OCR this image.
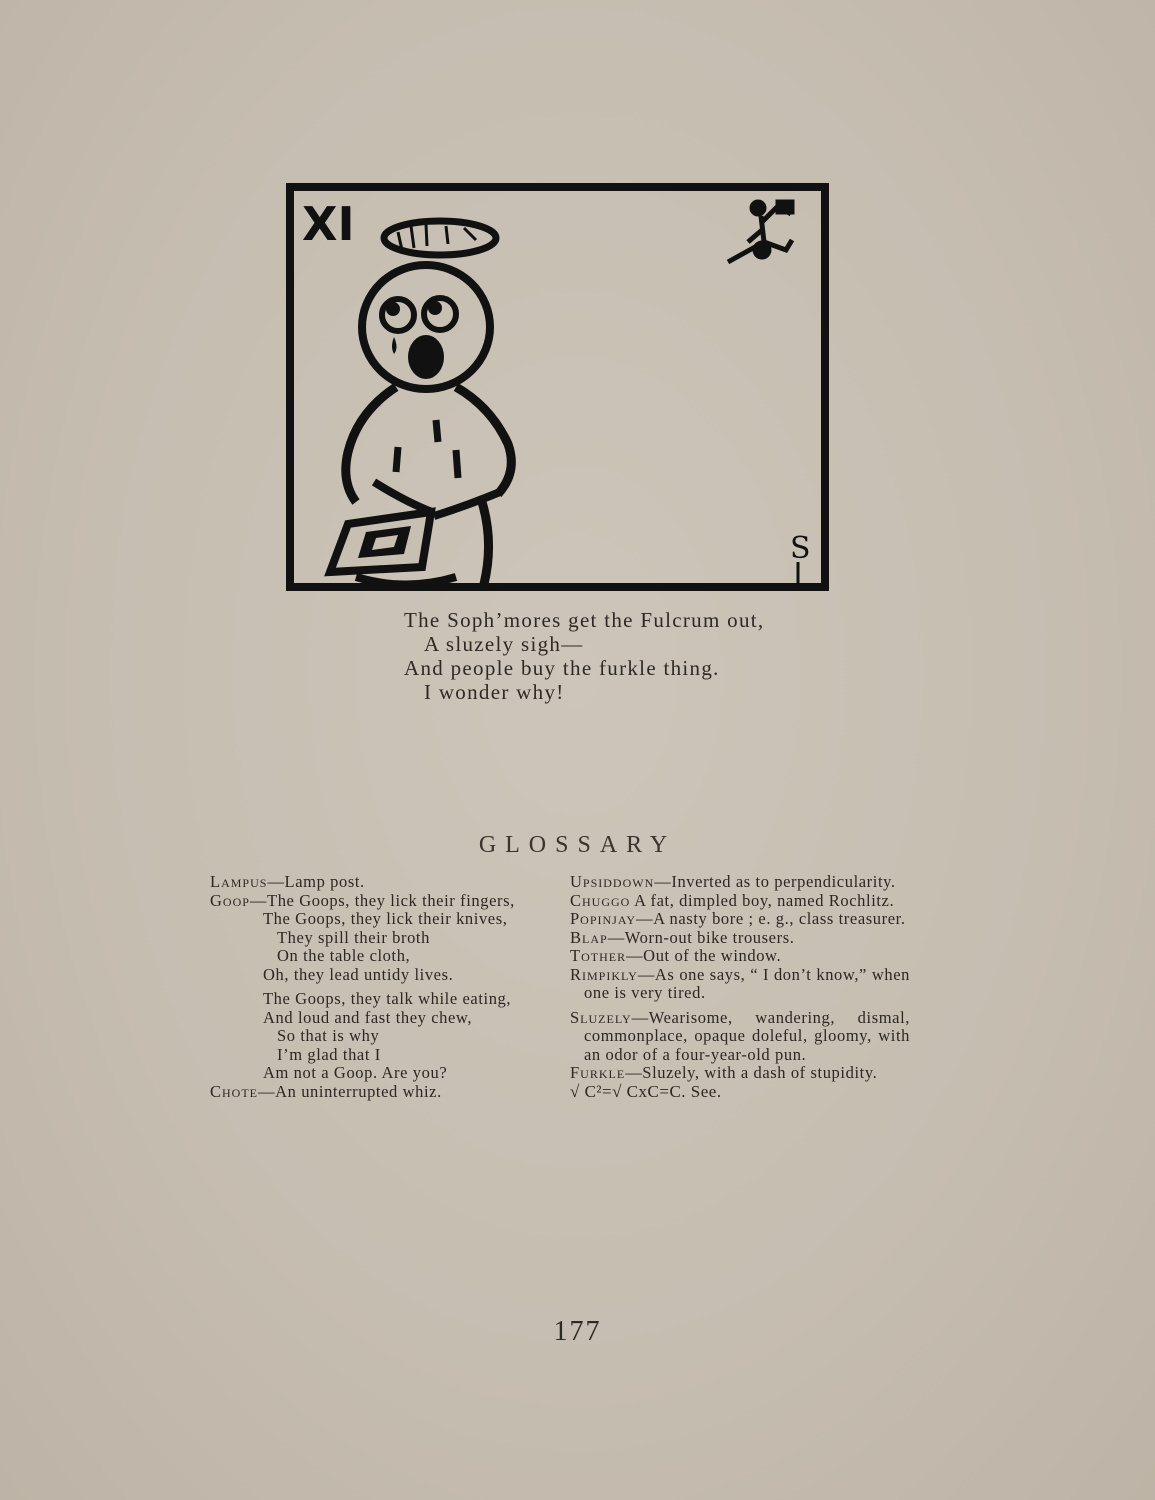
XI
S
The Soph’mores get the Fulcrum out,
A sluzely sigh—
And people buy the furkle thing.
I wonder why!
GLOSSARY
Lampus—Lamp post.
Goop—The Goops, they lick their fingers,
The Goops, they lick their knives,
They spill their broth
On the table cloth,
Oh, they lead untidy lives.
The Goops, they talk while eating,
And loud and fast they chew,
So that is why
I’m glad that I
Am not a Goop. Are you?
Chote—An uninterrupted whiz.
Upsiddown—Inverted as to perpendicularity.
Chuggo A fat, dimpled boy, named Rochlitz.
Popinjay—A nasty bore ; e. g., class treasurer.
Blap—Worn-out bike trousers.
Tother—Out of the window.
Rimpikly—As one says, “ I don’t know,” when one is very tired.
Sluzely—Wearisome, wandering, dismal, commonplace, opaque doleful, gloomy, with an odor of a four-year-old pun.
Furkle—Sluzely, with a dash of stupidity.
√ C²=√ CxC=C. See.
177
